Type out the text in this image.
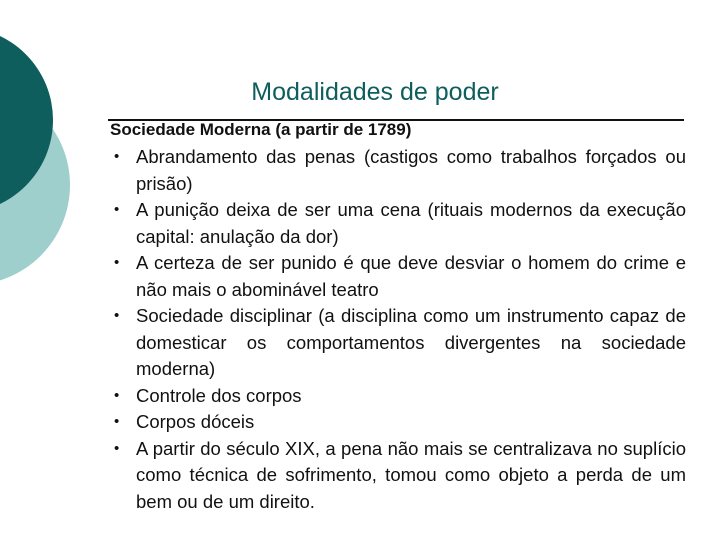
Modalidades de poder
Sociedade Moderna (a partir de 1789)
• Abrandamento das penas (castigos como trabalhos forçados ou prisão)
• A punição deixa de ser uma cena (rituais modernos da execução capital: anulação da dor)
• A certeza de ser punido é que deve desviar o homem do crime e não mais o abominável teatro
• Sociedade disciplinar (a disciplina como um instrumento capaz de domesticar os comportamentos divergentes na sociedade moderna)
• Controle dos corpos
• Corpos dóceis
• A partir do século XIX, a pena não mais se centralizava no suplício como técnica de sofrimento, tomou como objeto a perda de um bem ou de um direito.
